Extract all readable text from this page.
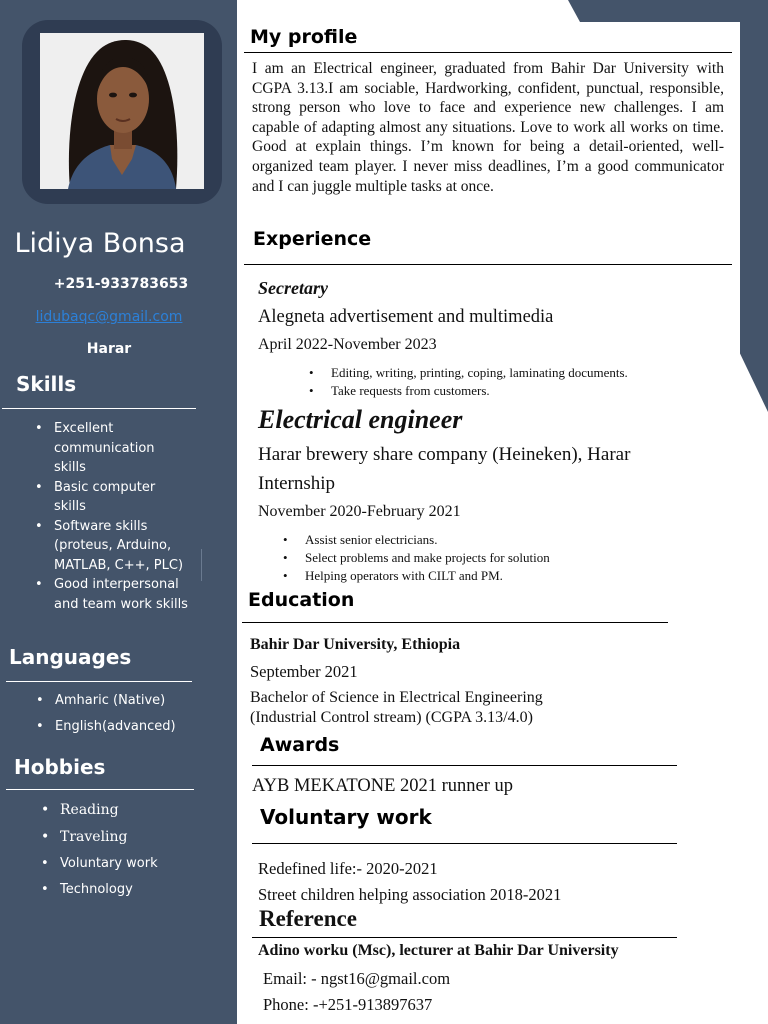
Lidiya Bonsa
+251-933783653
lidubaqc@gmail.com
Harar
Skills
• Excellent communication skills
• Basic computer skills
• Software skills (proteus, Arduino, MATLAB, C++, PLC)
• Good interpersonal and team work skills
Languages
• Amharic (Native)
• English(advanced)
Hobbies
• Reading
• Traveling
• Voluntary work
• Technology
My profile

I am an Electrical engineer, graduated from Bahir Dar University with CGPA 3.13.I am sociable, Hardworking, confident, punctual, responsible, strong person who love to face and experience new challenges. I am capable of adapting almost any situations. Love to work all works on time. Good at explain things. I’m known for being a detail-oriented, well-organized team player. I never miss deadlines, I’m a good communicator and I can juggle multiple tasks at once.

Experience

Secretary

Alegneta advertisement and multimedia

April 2022-November 2023

• Editing, writing, printing, coping, laminating documents.
• Take requests from customers.

Electrical engineer

Harar brewery share company (Heineken), Harar

Internship

November 2020-February 2021

• Assist senior electricians.
• Select problems and make projects for solution
• Helping operators with CILT and PM.
Education

Bahir Dar University, Ethiopia

September 2021

Bachelor of Science in Electrical Engineering

(Industrial Control stream) (CGPA 3.13/4.0)

Awards

AYB MEKATONE 2021 runner up

Voluntary work

Redefined life:- 2020-2021

Street children helping association 2018-2021

Reference

Adino worku (Msc), lecturer at Bahir Dar University

Email: - ngst16@gmail.com

Phone: -+251-913897637
